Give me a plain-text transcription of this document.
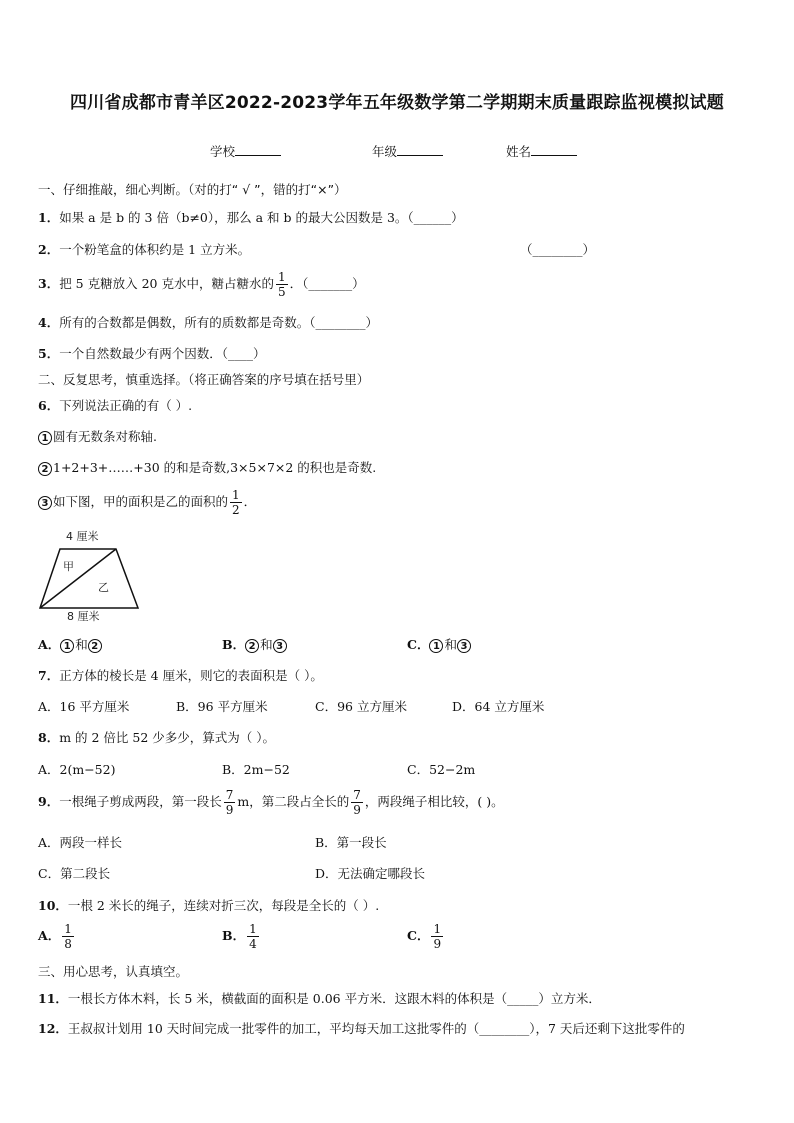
四川省成都市青羊区2022-2023学年五年级数学第二学期期末质量跟踪监视模拟试题
学校	年级	姓名
一、仔细推敲，细心判断。（对的打“ √ ”，错的打“×”）
1．如果 a 是 b 的 3 倍（b≠0），那么 a 和 b 的最大公因数是 3。（______）
2．一个粉笔盒的体积约是 1 立方米。	（________）
3．把 5 克糖放入 20 克水中，糖占糖水的 $\frac{1}{5}$ ．（_______）
4．所有的合数都是偶数，所有的质数都是奇数。（________）
5．一个自然数最少有两个因数．（____）
二、反复思考，慎重选择。（将正确答案的序号填在括号里）
6．下列说法正确的有（ ）.
1 圆有无数条对称轴.
2 1+2+3+……+30 的和是奇数,3×5×7×2 的积也是奇数.
3 如下图，甲的面积是乙的面积的 $\frac{1}{2}$ ．
4 厘米
甲
乙
8 厘米
A． 1 和 2	B． 2 和 3	C． 1 和 3
7．正方体的棱长是 4 厘米，则它的表面积是（ ）。
A．16 平方厘米	B．96 平方厘米	C．96 立方厘米	D．64 立方厘米
8．m 的 2 倍比 52 少多少，算式为（ ）。
A．2(m−52)	B．2m−52	C．52−2m
9．一根绳子剪成两段，第一段长 $\frac{7}{9}$ m，第二段占全长的 $\frac{7}{9}$ ，两段绳子相比较，( )。
A．两段一样长	B．第一段长
C．第二段长	D．无法确定哪段长
10．一根 2 米长的绳子，连续对折三次，每段是全长的（ ）.
A． $\frac{1}{8}$	B． $\frac{1}{4}$	C． $\frac{1}{9}$
三、用心思考，认真填空。
11．一根长方体木料，长 5 米，横截面的面积是 0.06 平方米．这跟木料的体积是（_____）立方米．
12．王叔叔计划用 10 天时间完成一批零件的加工，平均每天加工这批零件的（________），7 天后还剩下这批零件的
